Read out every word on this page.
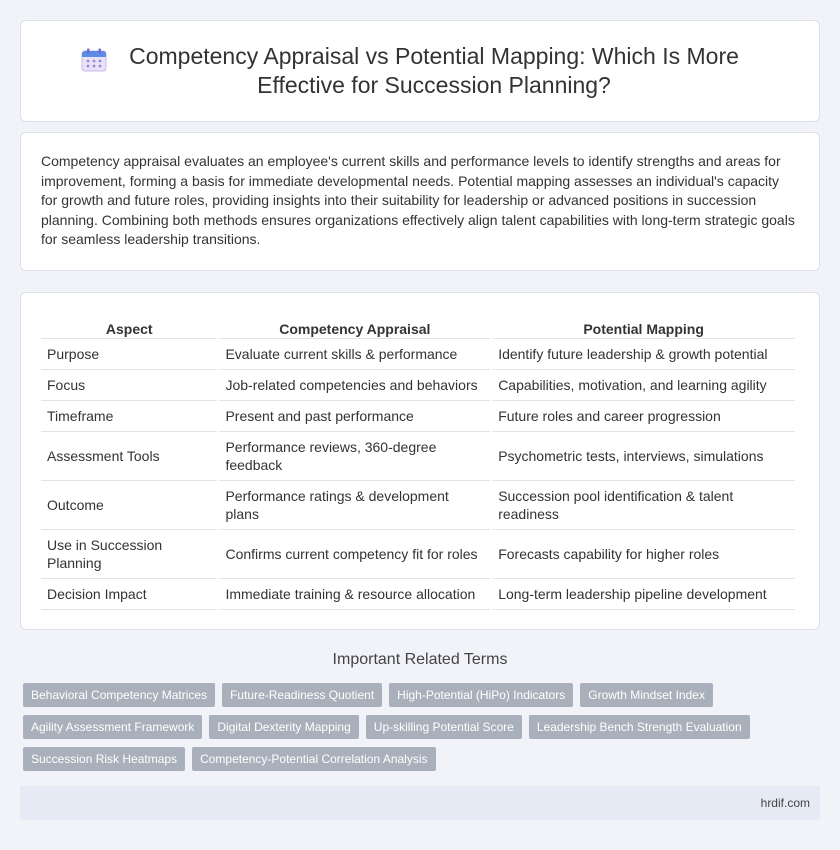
Competency Appraisal vs Potential Mapping: Which Is More Effective for Succession Planning?

Competency appraisal evaluates an employee's current skills and performance levels to identify strengths and areas for improvement, forming a basis for immediate developmental needs. Potential mapping assesses an individual's capacity for growth and future roles, providing insights into their suitability for leadership or advanced positions in succession planning. Combining both methods ensures organizations effectively align talent capabilities with long-term strategic goals for seamless leadership transitions.

Aspect	Competency Appraisal	Potential Mapping
Purpose	Evaluate current skills & performance	Identify future leadership & growth potential
Focus	Job-related competencies and behaviors	Capabilities, motivation, and learning agility
Timeframe	Present and past performance	Future roles and career progression
Assessment Tools	Performance reviews, 360-degree feedback	Psychometric tests, interviews, simulations
Outcome	Performance ratings & development plans	Succession pool identification & talent readiness
Use in Succession Planning	Confirms current competency fit for roles	Forecasts capability for higher roles
Decision Impact	Immediate training & resource allocation	Long-term leadership pipeline development
Important Related Terms
Behavioral Competency Matrices	Future-Readiness Quotient	High-Potential (HiPo) Indicators	Growth Mindset Index
Agility Assessment Framework	Digital Dexterity Mapping	Up-skilling Potential Score	Leadership Bench Strength Evaluation
Succession Risk Heatmaps	Competency-Potential Correlation Analysis
hrdif.com
